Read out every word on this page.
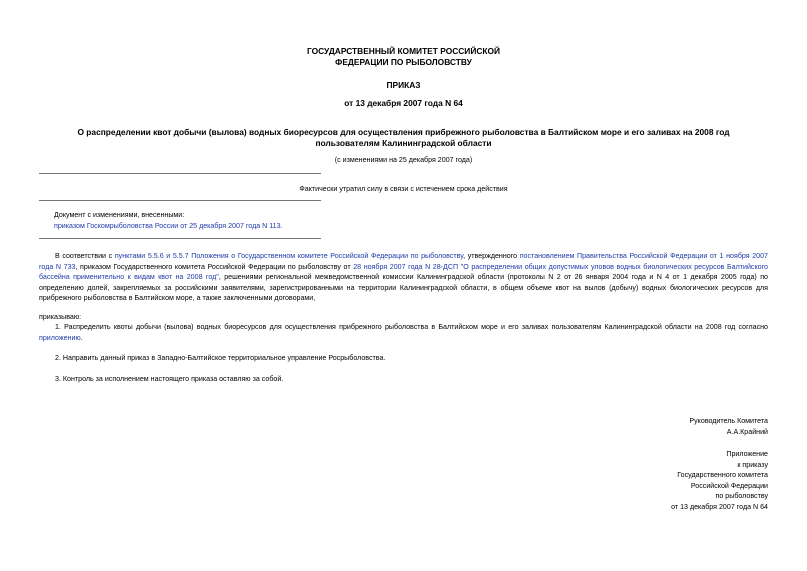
ГОСУДАРСТВЕННЫЙ КОМИТЕТ РОССИЙСКОЙ
ФЕДЕРАЦИИ ПО РЫБОЛОВСТВУ
ПРИКАЗ
от 13 декабря 2007 года N 64
О распределении квот добычи (вылова) водных биоресурсов для осуществления прибрежного рыболовства в Балтийском море и его заливах на 2008 год
пользователям Калининградской области
(с изменениями на 25 декабря 2007 года)
Фактически утратил силу в связи с истечением срока действия
Документ с изменениями, внесенными:
приказом Госкомрыболовства России от 25 декабря 2007 года N 113.
В соответствии с пунктами 5.5.6 и 5.5.7 Положения о Государственном комитете Российской Федерации по рыболовству, утвержденного постановлением Правительства Российской Федерации от 1 ноября 2007 года N 733, приказом Государственного комитета Российской Федерации по рыболовству от 28 ноября 2007 года N 28-ДСП "О распределении общих допустимых уловов водных биологических ресурсов Балтийского бассейна применительно к видам квот на 2008 год", решениями региональной межведомственной комиссии Калининградской области (протоколы N 2 от 26 января 2004 года и N 4 от 1 декабря 2005 года) по определению долей, закрепляемых за российскими заявителями, зарегистрированными на территории Калининградской области, в общем объеме квот на вылов (добычу) водных биологических ресурсов для прибрежного рыболовства в Балтийском море, а также заключенными договорами,
приказываю:
1. Распределить квоты добычи (вылова) водных биоресурсов для осуществления прибрежного рыболовства в Балтийском море и его заливах пользователям Калининградской области на 2008 год согласно приложению.
2. Направить данный приказ в Западно-Балтийское территориальное управление Росрыболовства.
3. Контроль за исполнением настоящего приказа оставляю за собой.
Руководитель Комитета
А.А.Крайний
Приложение
к приказу
Государственного комитета
Российской Федерации
по рыболовству
от 13 декабря 2007 года N 64
